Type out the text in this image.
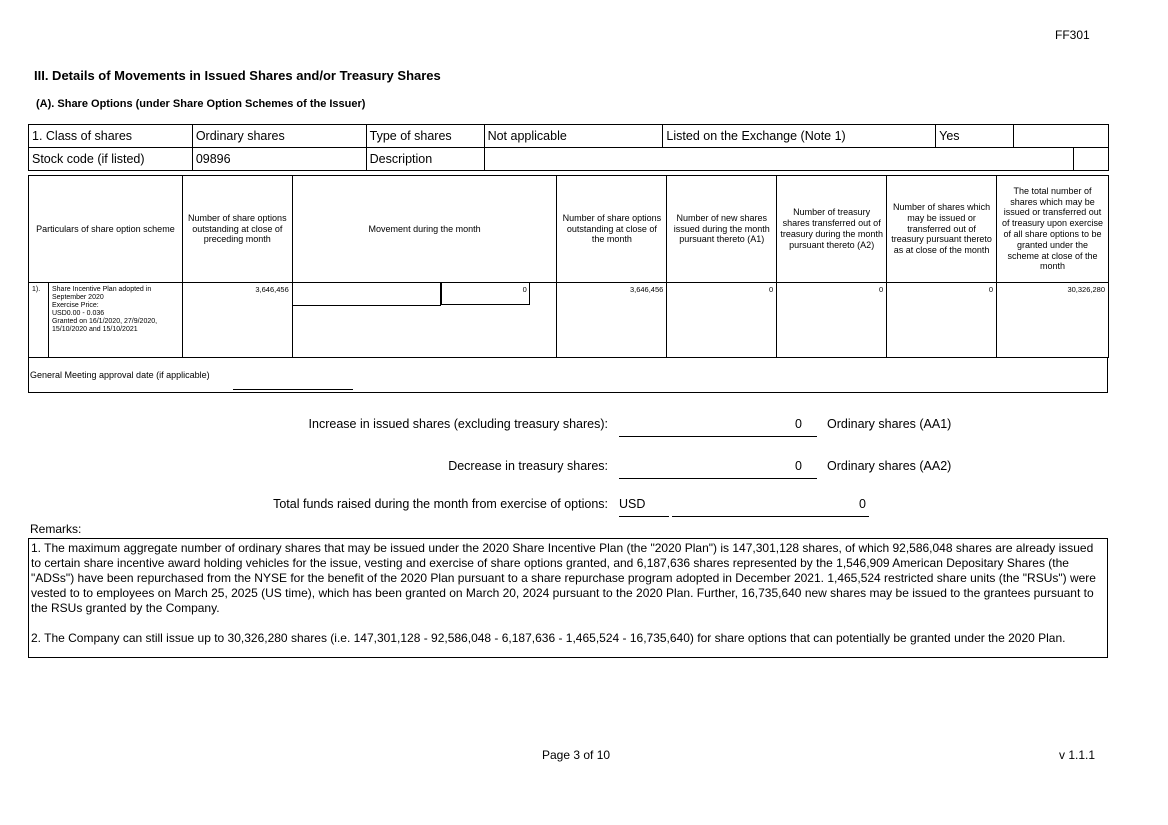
FF301
III. Details of Movements in Issued Shares and/or Treasury Shares
(A). Share Options (under Share Option Schemes of the Issuer)
1. Class of shares	Ordinary shares	Type of shares	Not applicable	Listed on the Exchange (Note 1)	Yes		
Stock code (if listed)	09896	Description					
Particulars of share option scheme		Number of share options outstanding at close of preceding month	Movement during the month	Number of share options outstanding at close of the month	Number of new shares issued during the month pursuant thereto (A1)	Number of treasury shares transferred out of treasury during the month pursuant thereto (A2)	Number of shares which may be issued or transferred out of treasury pursuant thereto as at close of the month	The total number of shares which may be issued or transferred out of treasury upon exercise of all share options to be granted under the scheme at close of the month
1).	Share Incentive Plan adopted in September 2020
Exercise Price:
USD0.00 - 0.036
Granted on 16/1/2020, 27/9/2020, 15/10/2020 and 15/10/2021	3,646,456	0	3,646,456	0	0	0	30,326,280
General Meeting approval date (if applicable)
Increase in issued shares (excluding treasury shares):	0 Ordinary shares (AA1)
Decrease in treasury shares:	0 Ordinary shares (AA2)
Total funds raised during the month from exercise of options: USD	0
Remarks:

1. The maximum aggregate number of ordinary shares that may be issued under the 2020 Share Incentive Plan (the "2020 Plan") is 147,301,128 shares, of which 92,586,048 shares are already issued to certain share incentive award holding vehicles for the issue, vesting and exercise of share options granted, and 6,187,636 shares represented by the 1,546,909 American Depositary Shares (the "ADSs") have been repurchased from the NYSE for the benefit of the 2020 Plan pursuant to a share repurchase program adopted in December 2021. 1,465,524 restricted share units (the "RSUs") were vested to to employees on March 25, 2025 (US time), which has been granted on March 20, 2024 pursuant to the 2020 Plan. Further, 16,735,640 new shares may be issued to the grantees pursuant to the RSUs granted by the Company.

2. The Company can still issue up to 30,326,280 shares (i.e. 147,301,128 - 92,586,048 - 6,187,636 - 1,465,524 - 16,735,640) for share options that can potentially be granted under the 2020 Plan.

Page 3 of 10	v 1.1.1
